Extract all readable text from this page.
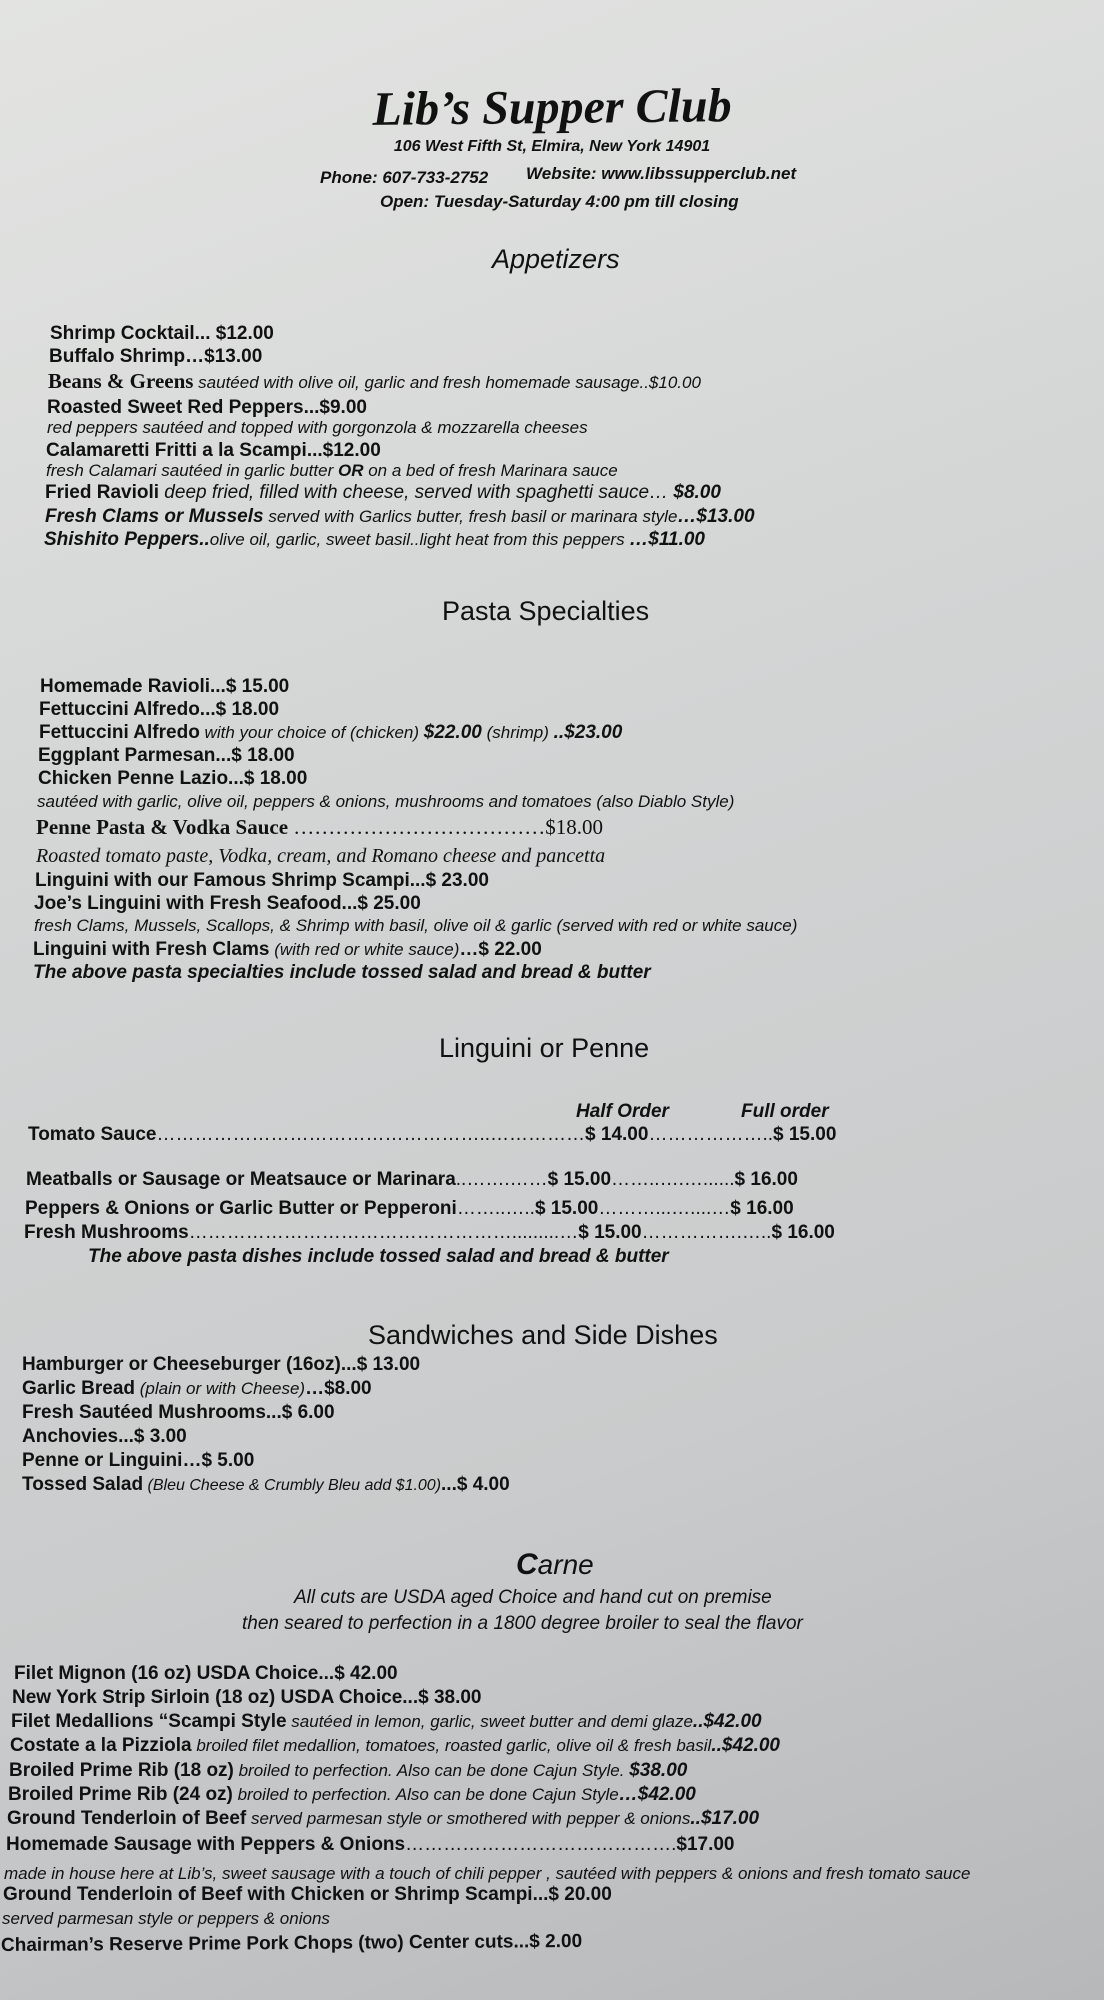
Lib’s Supper Club
106 West Fifth St, Elmira, New York 14901
Phone: 607-733-2752 Website: www.libssupperclub.net
Open: Tuesday-Saturday 4:00 pm till closing
Appetizers
Shrimp Cocktail... $12.00
Buffalo Shrimp…$13.00
Beans & Greens sautéed with olive oil, garlic and fresh homemade sausage..$10.00
Roasted Sweet Red Peppers...$9.00
red peppers sautéed and topped with gorgonzola & mozzarella cheeses
Calamaretti Fritti a la Scampi...$12.00
fresh Calamari sautéed in garlic butter OR on a bed of fresh Marinara sauce
Fried Ravioli deep fried, filled with cheese, served with spaghetti sauce… $8.00
Fresh Clams or Mussels served with Garlics butter, fresh basil or marinara style…$13.00
Shishito Peppers..olive oil, garlic, sweet basil..light heat from this peppers …$11.00
Pasta Specialties
Homemade Ravioli...$ 15.00
Fettuccini Alfredo...$ 18.00
Fettuccini Alfredo with your choice of (chicken) $22.00 (shrimp) ..$23.00
Eggplant Parmesan...$ 18.00
Chicken Penne Lazio...$ 18.00
sautéed with garlic, olive oil, peppers & onions, mushrooms and tomatoes (also Diablo Style)
Penne Pasta & Vodka Sauce ………………………………$18.00
Roasted tomato paste, Vodka, cream, and Romano cheese and pancetta
Linguini with our Famous Shrimp Scampi...$ 23.00
Joe’s Linguini with Fresh Seafood...$ 25.00
fresh Clams, Mussels, Scallops, & Shrimp with basil, olive oil & garlic (served with red or white sauce)
Linguini with Fresh Clams (with red or white sauce)…$ 22.00
The above pasta specialties include tossed salad and bread & butter
Linguini or Penne
Half Order	Full order
Tomato Sauce……………………………………………..……………$ 14.00………………..$ 15.00
Meatballs or Sausage or Meatsauce or Marinara..…….……$ 15.00……..….…......$ 16.00
Peppers & Onions or Garlic Butter or Pepperoni……..…..$ 15.00………...…....…$ 16.00
Fresh Mushrooms…………………………………………….........…$ 15.00…………….…..$ 16.00
The above pasta dishes include tossed salad and bread & butter
Sandwiches and Side Dishes
Hamburger or Cheeseburger (16oz)...$ 13.00
Garlic Bread (plain or with Cheese)…$8.00
Fresh Sautéed Mushrooms...$ 6.00
Anchovies...$ 3.00
Penne or Linguini…$ 5.00
Tossed Salad (Bleu Cheese & Crumbly Bleu add $1.00)...$ 4.00
Carne
All cuts are USDA aged Choice and hand cut on premise
then seared to perfection in a 1800 degree broiler to seal the flavor
Filet Mignon (16 oz) USDA Choice...$ 42.00
New York Strip Sirloin (18 oz) USDA Choice...$ 38.00
Filet Medallions “Scampi Style sautéed in lemon, garlic, sweet butter and demi glaze..$42.00
Costate a la Pizziola broiled filet medallion, tomatoes, roasted garlic, olive oil & fresh basil..$42.00
Broiled Prime Rib (18 oz) broiled to perfection. Also can be done Cajun Style. $38.00
Broiled Prime Rib (24 oz) broiled to perfection. Also can be done Cajun Style…$42.00
Ground Tenderloin of Beef served parmesan style or smothered with pepper & onions..$17.00
Homemade Sausage with Peppers & Onions…………………………………….$17.00
made in house here at Lib’s, sweet sausage with a touch of chili pepper , sautéed with peppers & onions and fresh tomato sauce
Ground Tenderloin of Beef with Chicken or Shrimp Scampi...$ 20.00
served parmesan style or peppers & onions
Chairman’s Reserve Prime Pork Chops (two) Center cuts...$ 2.00
